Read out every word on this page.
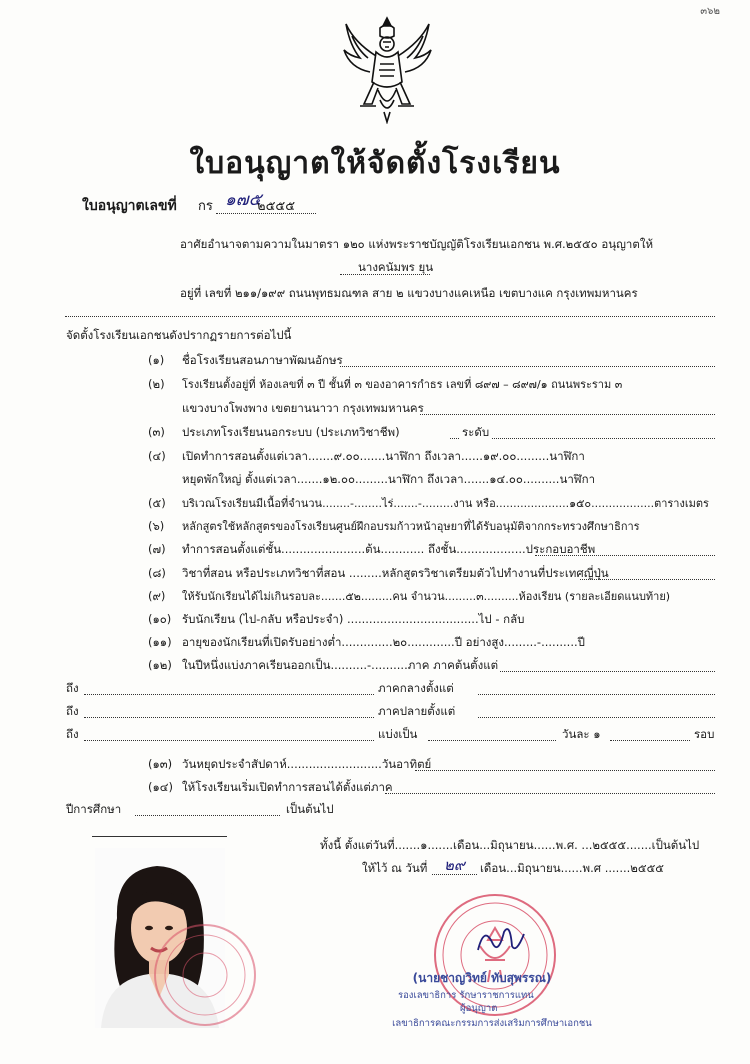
๓๖๒
ใบอนุญาตให้จัดตั้งโรงเรียน
ใบอนุญาตเลขที่ กร ๑๗๕
๒๕๕๕
อาศัยอำนาจตามความในมาตรา ๑๒๐ แห่งพระราชบัญญัติโรงเรียนเอกชน พ.ศ.๒๕๕๐ อนุญาตให้
นางคนัมพร ยุน
อยู่ที่ เลขที่ ๒๑๑/๑๙๙ ถนนพุทธมณฑล สาย ๒ แขวงบางแคเหนือ เขตบางแค กรุงเทพมหานคร
จัดตั้งโรงเรียนเอกชนดังปรากฏรายการต่อไปนี้
(๑) ชื่อโรงเรียนสอนภาษาพัฒนอักษร
(๒) โรงเรียนตั้งอยู่ที่ ห้องเลขที่ ๓ ปี ชั้นที่ ๓ ของอาคารกำธร เลขที่ ๘๙๗ – ๘๙๗/๑ ถนนพระราม ๓
แขวงบางโพงพาง เขตยานนาวา กรุงเทพมหานคร
(๓) ประเภทโรงเรียนนอกระบบ (ประเภทวิชาชีพ)	ระดับ
(๔) เปิดทำการสอนตั้งแต่เวลา.......๙.๐๐.......นาฬิกา ถึงเวลา......๑๙.๐๐.........นาฬิกา
หยุดพักใหญ่ ตั้งแต่เวลา.......๑๒.๐๐.........นาฬิกา ถึงเวลา.......๑๔.๐๐..........นาฬิกา
(๕) บริเวณโรงเรียนมีเนื้อที่จำนวน........-........ไร่.......-.........งาน หรือ.....................๑๕๐..................ตารางเมตร
(๖) หลักสูตรใช้หลักสูตรของโรงเรียนศูนย์ฝึกอบรมก้าวหน้าอุษยาที่ได้รับอนุมัติจากกระทรวงศึกษาธิการ
(๗) ทำการสอนตั้งแต่ชั้น.......................ต้น............ ถึงชั้น...................ประกอบอาชีพ
(๘) วิชาที่สอน หรือประเภทวิชาที่สอน .........หลักสูตรวิชาเตรียมตัวไปทำงานที่ประเทศญี่ปุ่น
(๙) ให้รับนักเรียนได้ไม่เกินรอบละ.......๕๒.........คน จำนวน.........๓..........ห้องเรียน (รายละเอียดแนบท้าย)
(๑๐) รับนักเรียน (ไป-กลับ หรือประจำ) ....................................ไป - กลับ
(๑๑) อายุของนักเรียนที่เปิดรับอย่างต่ำ..............๒๐.............ปี อย่างสูง.........-..........ปี
(๑๒) ในปีหนึ่งแบ่งภาคเรียนออกเป็น..........-..........ภาค ภาคต้นตั้งแต่
ถึง	ภาคกลางตั้งแต่
ถึง	ภาคปลายตั้งแต่
ถึง	แบ่งเป็น	วันละ ๑	รอบ
(๑๓) วันหยุดประจำสัปดาห์..........................วันอาทิตย์
(๑๔) ให้โรงเรียนเริ่มเปิดทำการสอนได้ตั้งแต่ภาค
ปีการศึกษา	เป็นต้นไป
ทั้งนี้ ตั้งแต่วันที่.......๑.......เดือน...มิถุนายน......พ.ศ. ...๒๕๕๕.......เป็นต้นไป
ให้ไว้ ณ วันที่ ๒๙ เดือน...มิถุนายน......พ.ศ .......๒๕๕๕
(นายชาญวิทย์ ทับสุพรรณ)
รองเลขาธิการ รักษาราชการแทน
ผู้อนุญาต
เลขาธิการคณะกรรมการส่งเสริมการศึกษาเอกชน
